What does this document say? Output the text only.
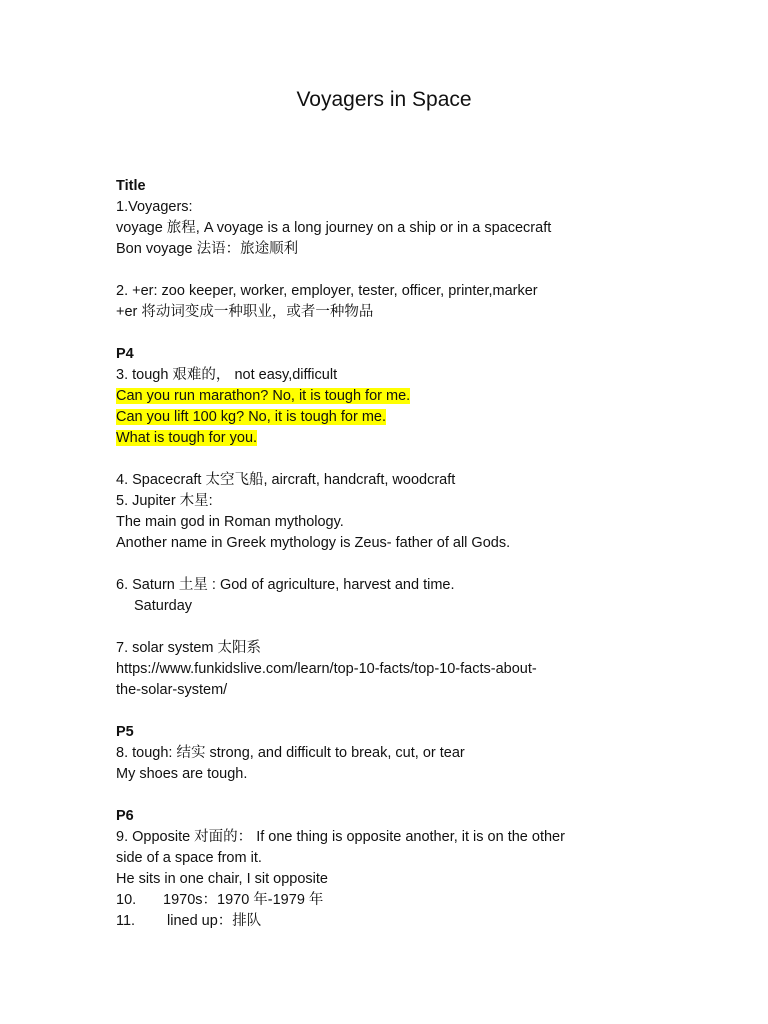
Voyagers in Space
Title
1.Voyagers:
voyage 旅程, A voyage is a long journey on a ship or in a spacecraft
Bon voyage 法语：旅途顺利
2. +er: zoo keeper, worker, employer, tester, officer, printer,marker
+er 将动词变成一种职业，或者一种物品
P4
3. tough 艰难的， not easy,difficult
Can you run marathon? No, it is tough for me.
Can you lift 100 kg? No, it is tough for me.
What is tough for you.
4. Spacecraft 太空飞船, aircraft, handcraft, woodcraft
5. Jupiter 木星:
The main god in Roman mythology.
Another name in Greek mythology is Zeus- father of all Gods.
6. Saturn 土星 : God of agriculture, harvest and time.
Saturday
7. solar system 太阳系
https://www.funkidslive.com/learn/top-10-facts/top-10-facts-about-
the-solar-system/
P5
8. tough: 结实 strong, and difficult to break, cut, or tear
My shoes are tough.
P6
9. Opposite 对面的： If one thing is opposite another, it is on the other
side of a space from it.
He sits in one chair, I sit opposite
10. 1970s：1970 年-1979 年
11. lined up：排队
